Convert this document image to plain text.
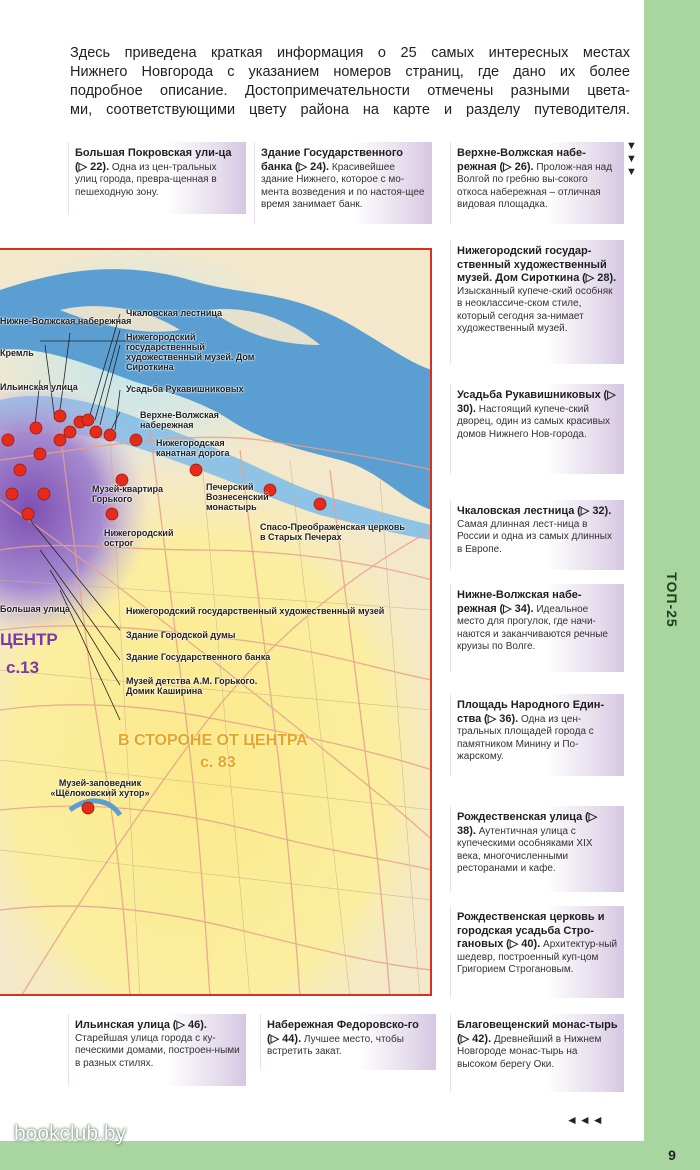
ТОП-25
9
bookclub.by

Здесь приведена краткая информация о 25 самых интересных местах

Нижнего Новгорода с указанием номеров страниц, где дано их более

подробное описание. Достопримечательности отмечены разными цвета-

ми, соответствующими цвету района на карте и разделу путеводителя.

▼▼▼
◄◄◄
Большая Покровская ули-ца (▷ 22). Одна из цен-тральных улиц города, превра-щенная в пешеходную зону.
Здание Государственного банка (▷ 24). Красивейшее здание Нижнего, которое с мо-мента возведения и по настоя-щее время занимает банк.
Верхне-Волжская набе-режная (▷ 26). Пролож-ная над Волгой по гребню вы-сокого откоса набережная – отличная видовая площадка.
Нижегородский государ-ственный художественный музей. Дом Сироткина (▷ 28). Изысканный купече-ский особняк в неоклассиче-ском стиле, который сегодня за-нимает художественный музей.
Усадьба Рукавишниковых (▷ 30). Настоящий купече-ский дворец, один из самых красивых домов Нижнего Нов-города.
Чкаловская лестница (▷ 32). Самая длинная лест-ница в России и одна из самых длинных в Европе.
Нижне-Волжская набе-режная (▷ 34). Идеальное место для прогулок, где начи-наются и заканчиваются речные круизы по Волге.
Площадь Народного Един-ства (▷ 36). Одна из цен-тральных площадей города с памятником Минину и По-жарскому.
Рождественская улица (▷ 38). Аутентичная улица с купеческими особняками XIX века, многочисленными ресторанами и кафе.
Рождественская церковь и городская усадьба Стро-гановых (▷ 40). Архитектур-ный шедевр, построенный куп-цом Григорием Строгановым.
Ильинская улица (▷ 46). Старейшая улица города с ку-печескими домами, построен-ными в разных стилях.
Набережная Федоровско-го (▷ 44). Лучшее место, чтобы встретить закат.
Благовещенский монас-тырь (▷ 42). Древнейший в Нижнем Новгороде монас-тырь на высоком берегу Оки.
Нижне-Волжская набережная
Кремль
Ильинская улица
Чкаловская лестница
Нижегородский государственный художественный музей. Дом Сироткина
Усадьба Рукавишниковых
Верхне-Волжская набережная
Нижегородская канатная дорога
Музей-квартира Горького
Печерский Вознесенский монастырь
Нижегородский острог
Спасо-Преображенская церковь в Старых Печерах
Нижегородский государственный художественный музей
Здание Городской думы
Здание Государственного банка
Музей детства А.М. Горького. Домик Каширина
Музей-заповедник «Щёлоковский хутор»
Большая улица
ЦЕНТР
с.13
В СТОРОНЕ ОТ ЦЕНТРА
с. 83
